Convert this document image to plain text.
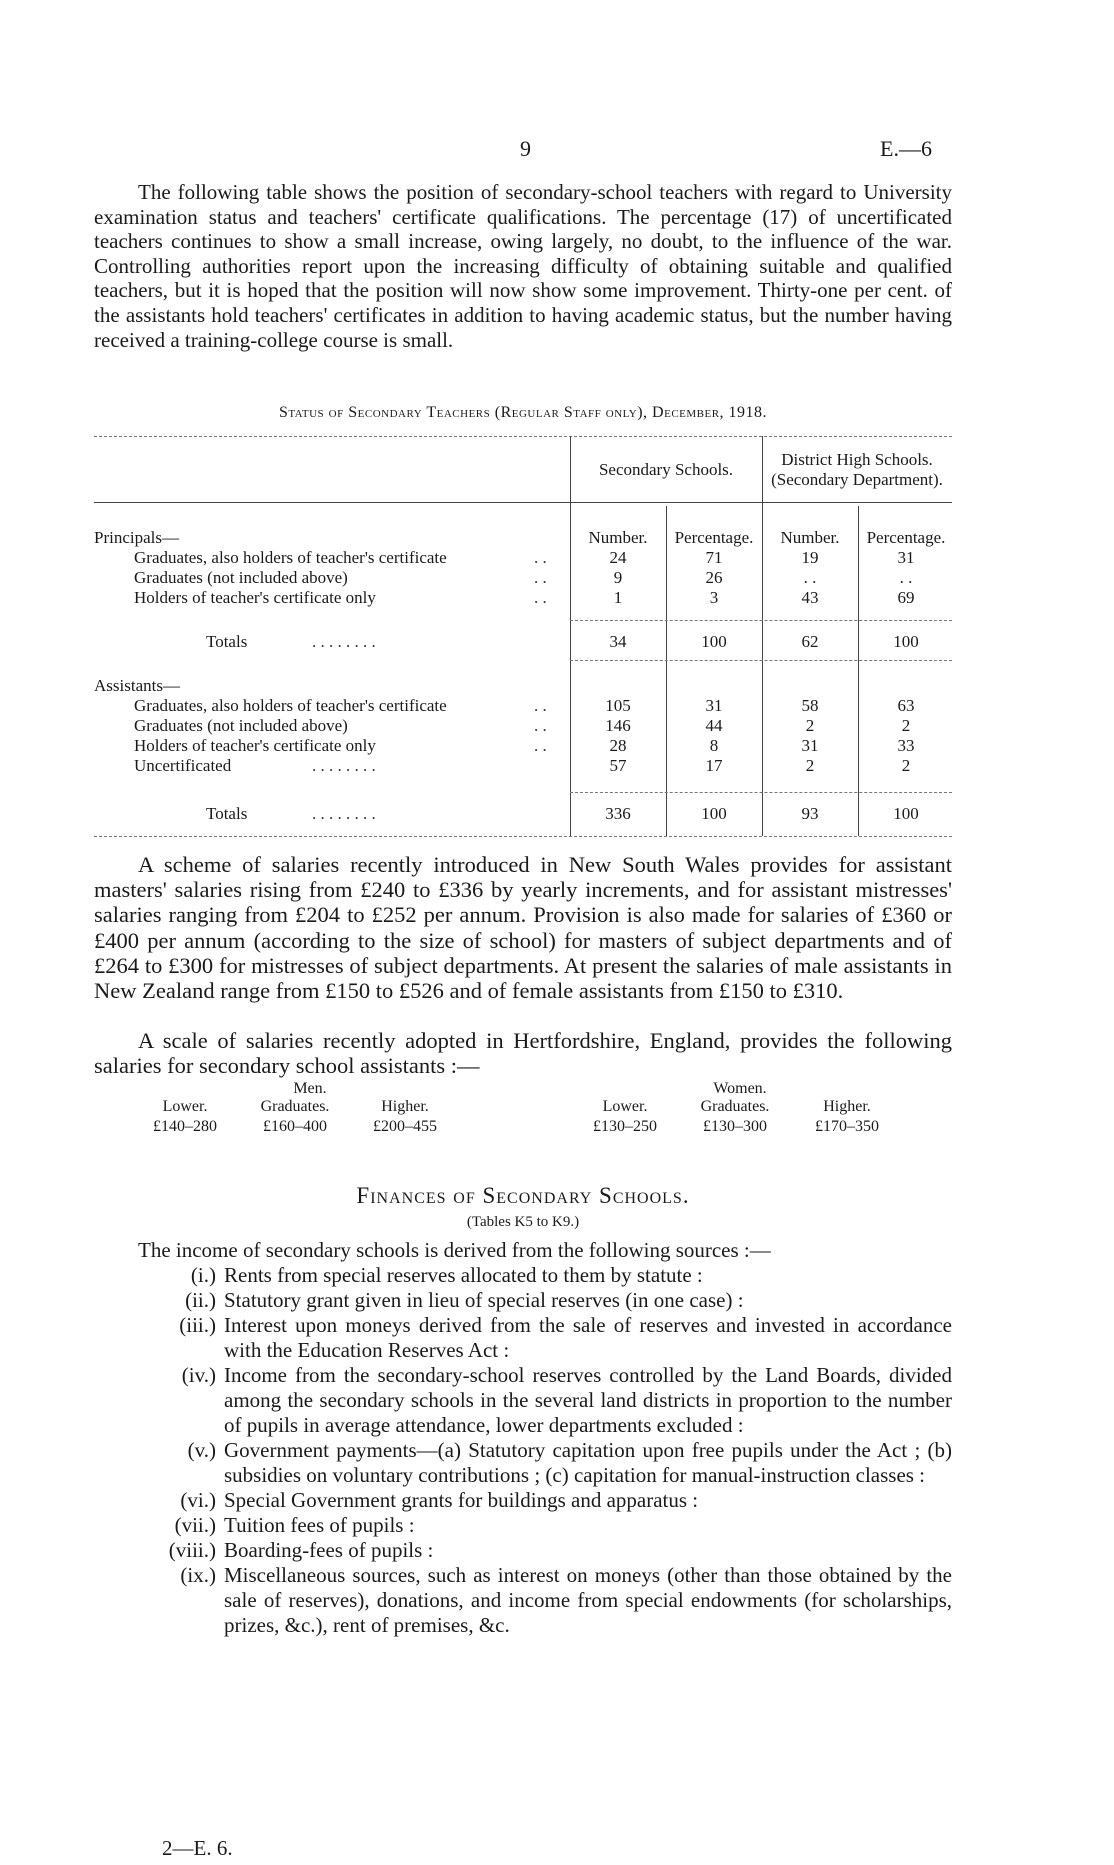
9	E.—6

The following table shows the position of secondary-school teachers with regard to University examination status and teachers' certificate qualifications. The percentage (17) of uncertificated teachers continues to show a small increase, owing largely, no doubt, to the influence of the war. Controlling authorities report upon the increasing difficulty of obtaining suitable and qualified teachers, but it is hoped that the position will now show some improvement. Thirty-one per cent. of the assistants hold teachers' certificates in addition to having academic status, but the number having received a training-college course is small.

Status of Secondary Teachers (Regular Staff only), December, 1918.
Secondary Schools.
District High Schools.
(Secondary Department).
Number.	Percentage.	Number.	Percentage.
Principals—
Graduates, also holders of teacher's certificate	. .	24	71	19	31
Graduates (not included above)	. .	9	26	. .	. .
Holders of teacher's certificate only	. .	1	3	43	69
Totals	. . . . . . . .	34	100	62	100
Assistants—
Graduates, also holders of teacher's certificate	. .	105	31	58	63
Graduates (not included above)	. .	146	44	2	2
Holders of teacher's certificate only	. .	28	8	31	33
Uncertificated	. . . . . . . .	57	17	2	2
Totals	. . . . . . . .	336	100	93	100

A scheme of salaries recently introduced in New South Wales provides for assistant masters' salaries rising from £240 to £336 by yearly increments, and for assistant mistresses' salaries ranging from £204 to £252 per annum. Provision is also made for salaries of £360 or £400 per annum (according to the size of school) for masters of subject departments and of £264 to £300 for mistresses of subject departments. At present the salaries of male assistants in New Zealand range from £150 to £526 and of female assistants from £150 to £310.

A scale of salaries recently adopted in Hertfordshire, England, provides the following salaries for secondary school assistants :—

Men.
Lower.	Graduates.	Higher.
£140–280	£160–400	£200–455
Women.
Lower.	Graduates.	Higher.
£130–250	£130–300	£170–350
Finances of Secondary Schools.
(Tables K5 to K9.)
The income of secondary schools is derived from the following sources :—
(i.) Rents from special reserves allocated to them by statute :
(ii.) Statutory grant given in lieu of special reserves (in one case) :
(iii.) Interest upon moneys derived from the sale of reserves and invested in accordance with the Education Reserves Act :
(iv.) Income from the secondary-school reserves controlled by the Land Boards, divided among the secondary schools in the several land districts in proportion to the number of pupils in average attendance, lower departments excluded :
(v.) Government payments—(a) Statutory capitation upon free pupils under the Act ; (b) subsidies on voluntary contributions ; (c) capitation for manual-instruction classes :
(vi.) Special Government grants for buildings and apparatus :
(vii.) Tuition fees of pupils :
(viii.) Boarding-fees of pupils :
(ix.) Miscellaneous sources, such as interest on moneys (other than those obtained by the sale of reserves), donations, and income from special endowments (for scholarships, prizes, &c.), rent of premises, &c.
2—E. 6.
